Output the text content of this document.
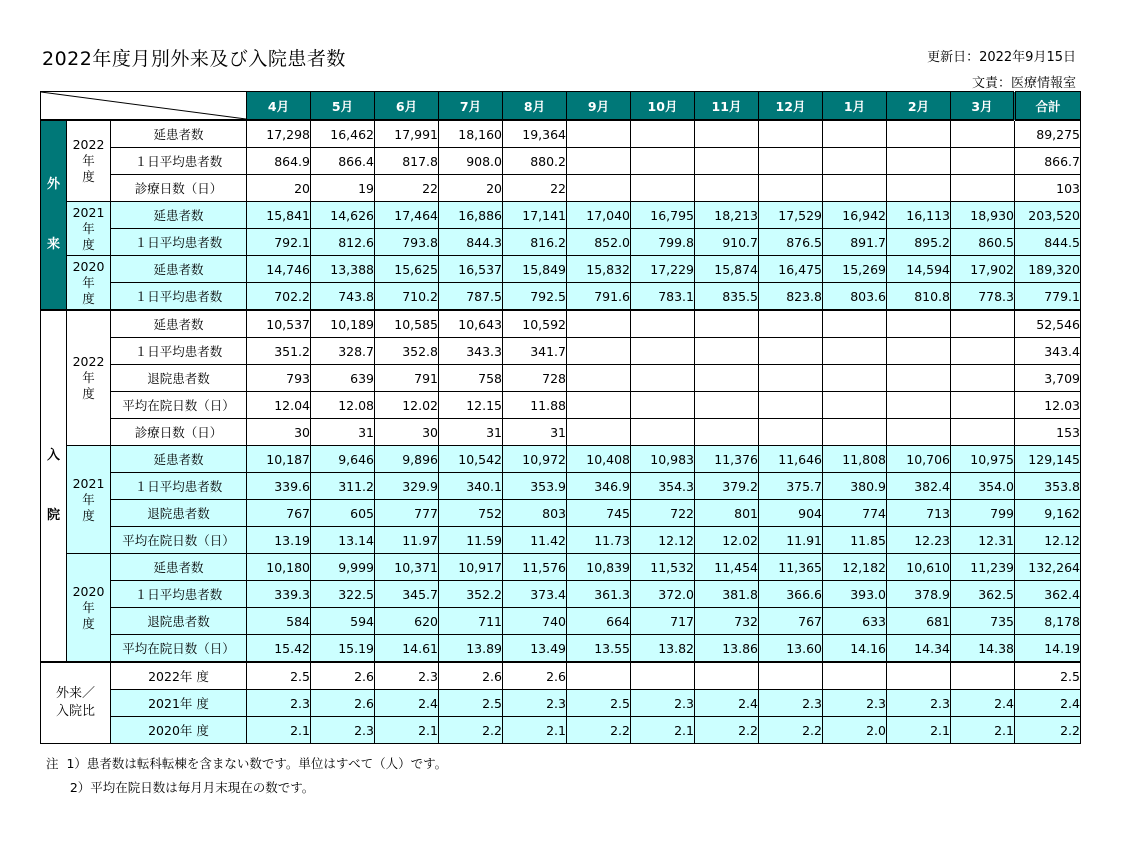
2022年度月別外来及び入院患者数	更新日：2022年9月15日
文責：医療情報室
	4月	5月	6月	7月	8月	9月	10月	11月	12月	1月	2月	3月	合計
外

来	2022
年
度	延患者数	17,298	16,462	17,991	18,160	19,364								89,275
		１日平均患者数	864.9	866.4	817.8	908.0	880.2								866.7
		診療日数（日）	20	19	22	20	22								103
	2021
年
度	延患者数	15,841	14,626	17,464	16,886	17,141	17,040	16,795	18,213	17,529	16,942	16,113	18,930	203,520
		１日平均患者数	792.1	812.6	793.8	844.3	816.2	852.0	799.8	910.7	876.5	891.7	895.2	860.5	844.5
	2020
年
度	延患者数	14,746	13,388	15,625	16,537	15,849	15,832	17,229	15,874	16,475	15,269	14,594	17,902	189,320
		１日平均患者数	702.2	743.8	710.2	787.5	792.5	791.6	783.1	835.5	823.8	803.6	810.8	778.3	779.1
入

院	2022
年
度	延患者数	10,537	10,189	10,585	10,643	10,592								52,546
		１日平均患者数	351.2	328.7	352.8	343.3	341.7								343.4
		退院患者数	793	639	791	758	728								3,709
		平均在院日数（日）	12.04	12.08	12.02	12.15	11.88								12.03
		診療日数（日）	30	31	30	31	31								153
	2021
年
度	延患者数	10,187	9,646	9,896	10,542	10,972	10,408	10,983	11,376	11,646	11,808	10,706	10,975	129,145
		１日平均患者数	339.6	311.2	329.9	340.1	353.9	346.9	354.3	379.2	375.7	380.9	382.4	354.0	353.8
		退院患者数	767	605	777	752	803	745	722	801	904	774	713	799	9,162
		平均在院日数（日）	13.19	13.14	11.97	11.59	11.42	11.73	12.12	12.02	11.91	11.85	12.23	12.31	12.12
	2020
年
度	延患者数	10,180	9,999	10,371	10,917	11,576	10,839	11,532	11,454	11,365	12,182	10,610	11,239	132,264
		１日平均患者数	339.3	322.5	345.7	352.2	373.4	361.3	372.0	381.8	366.6	393.0	378.9	362.5	362.4
		退院患者数	584	594	620	711	740	664	717	732	767	633	681	735	8,178
		平均在院日数（日）	15.42	15.19	14.61	13.89	13.49	13.55	13.82	13.86	13.60	14.16	14.34	14.38	14.19
外来／
入院比		2022年 度	2.5	2.6	2.3	2.6	2.6								2.5
		2021年 度	2.3	2.6	2.4	2.5	2.3	2.5	2.3	2.4	2.3	2.3	2.3	2.4	2.4
		2020年 度	2.1	2.3	2.1	2.2	2.1	2.2	2.1	2.2	2.2	2.0	2.1	2.1	2.2
注  1）患者数は転科転棟を含まない数です。単位はすべて（人）です。
2）平均在院日数は毎月月末現在の数です。
